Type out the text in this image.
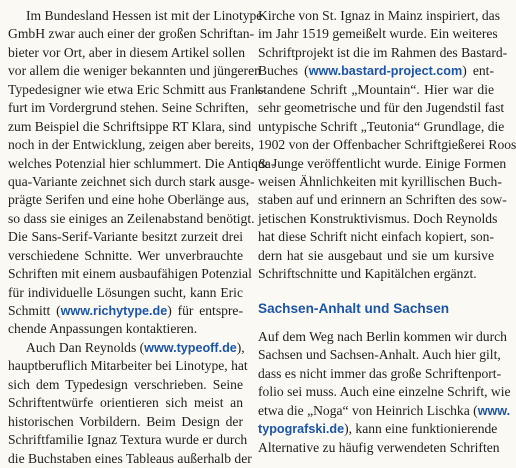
Im Bundesland Hessen ist mit der Linotype
GmbH zwar auch einer der großen Schriftan-
bieter vor Ort, aber in diesem Artikel sollen
vor allem die weniger bekannten und jüngeren
Typedesigner wie etwa Eric Schmitt aus Frank-
furt im Vordergrund stehen. Seine Schriften,
zum Beispiel die Schriftsippe RT Klara, sind
noch in der Entwicklung, zeigen aber bereits,
welches Potenzial hier schlummert. Die Antiqua-
qua-Variante zeichnet sich durch stark ausge-
prägte Serifen und eine hohe Oberlänge aus,
so dass sie einiges an Zeilenabstand benötigt.
Die Sans-Serif-Variante besitzt zurzeit drei
verschiedene Schnitte. Wer unverbrauchte
Schriften mit einem ausbaufähigen Potenzial
für individuelle Lösungen sucht, kann Eric
Schmitt (www.richytype.de) für entspre-
chende Anpassungen kontaktieren.
Auch Dan Reynolds (www.typeoff.de),
hauptberuflich Mitarbeiter bei Linotype, hat
sich dem Typedesign verschrieben. Seine
Schriftentwürfe orientieren sich meist an
historischen Vorbildern. Beim Design der
Schriftfamilie Ignaz Textura wurde er durch
die Buchstaben eines Tableaus außerhalb der
Kirche von St. Ignaz in Mainz inspiriert, das
im Jahr 1519 gemeißelt wurde. Ein weiteres
Schriftprojekt ist die im Rahmen des Bastard-
Buches (www.bastard-project.com) ent-
standene Schrift „Mountain“. Hier war die
sehr geometrische und für den Jugendstil fast
untypische Schrift „Teutonia“ Grundlage, die
1902 von der Offenbacher Schriftgießerei Roos
& Junge veröffentlicht wurde. Einige Formen
weisen Ähnlichkeiten mit kyrillischen Buch-
staben auf und erinnern an Schriften des sow-
jetischen Konstruktivismus. Doch Reynolds
hat diese Schrift nicht einfach kopiert, son-
dern hat sie ausgebaut und sie um kursive
Schriftschnitte und Kapitälchen ergänzt.
Sachsen-Anhalt und Sachsen
Auf dem Weg nach Berlin kommen wir durch
Sachsen und Sachsen-Anhalt. Auch hier gilt,
dass es nicht immer das große Schriftenport-
folio sei muss. Auch eine einzelne Schrift, wie
etwa die „Noga“ von Heinrich Lischka (www.
typografski.de), kann eine funktionierende
Alternative zu häufig verwendeten Schriften
